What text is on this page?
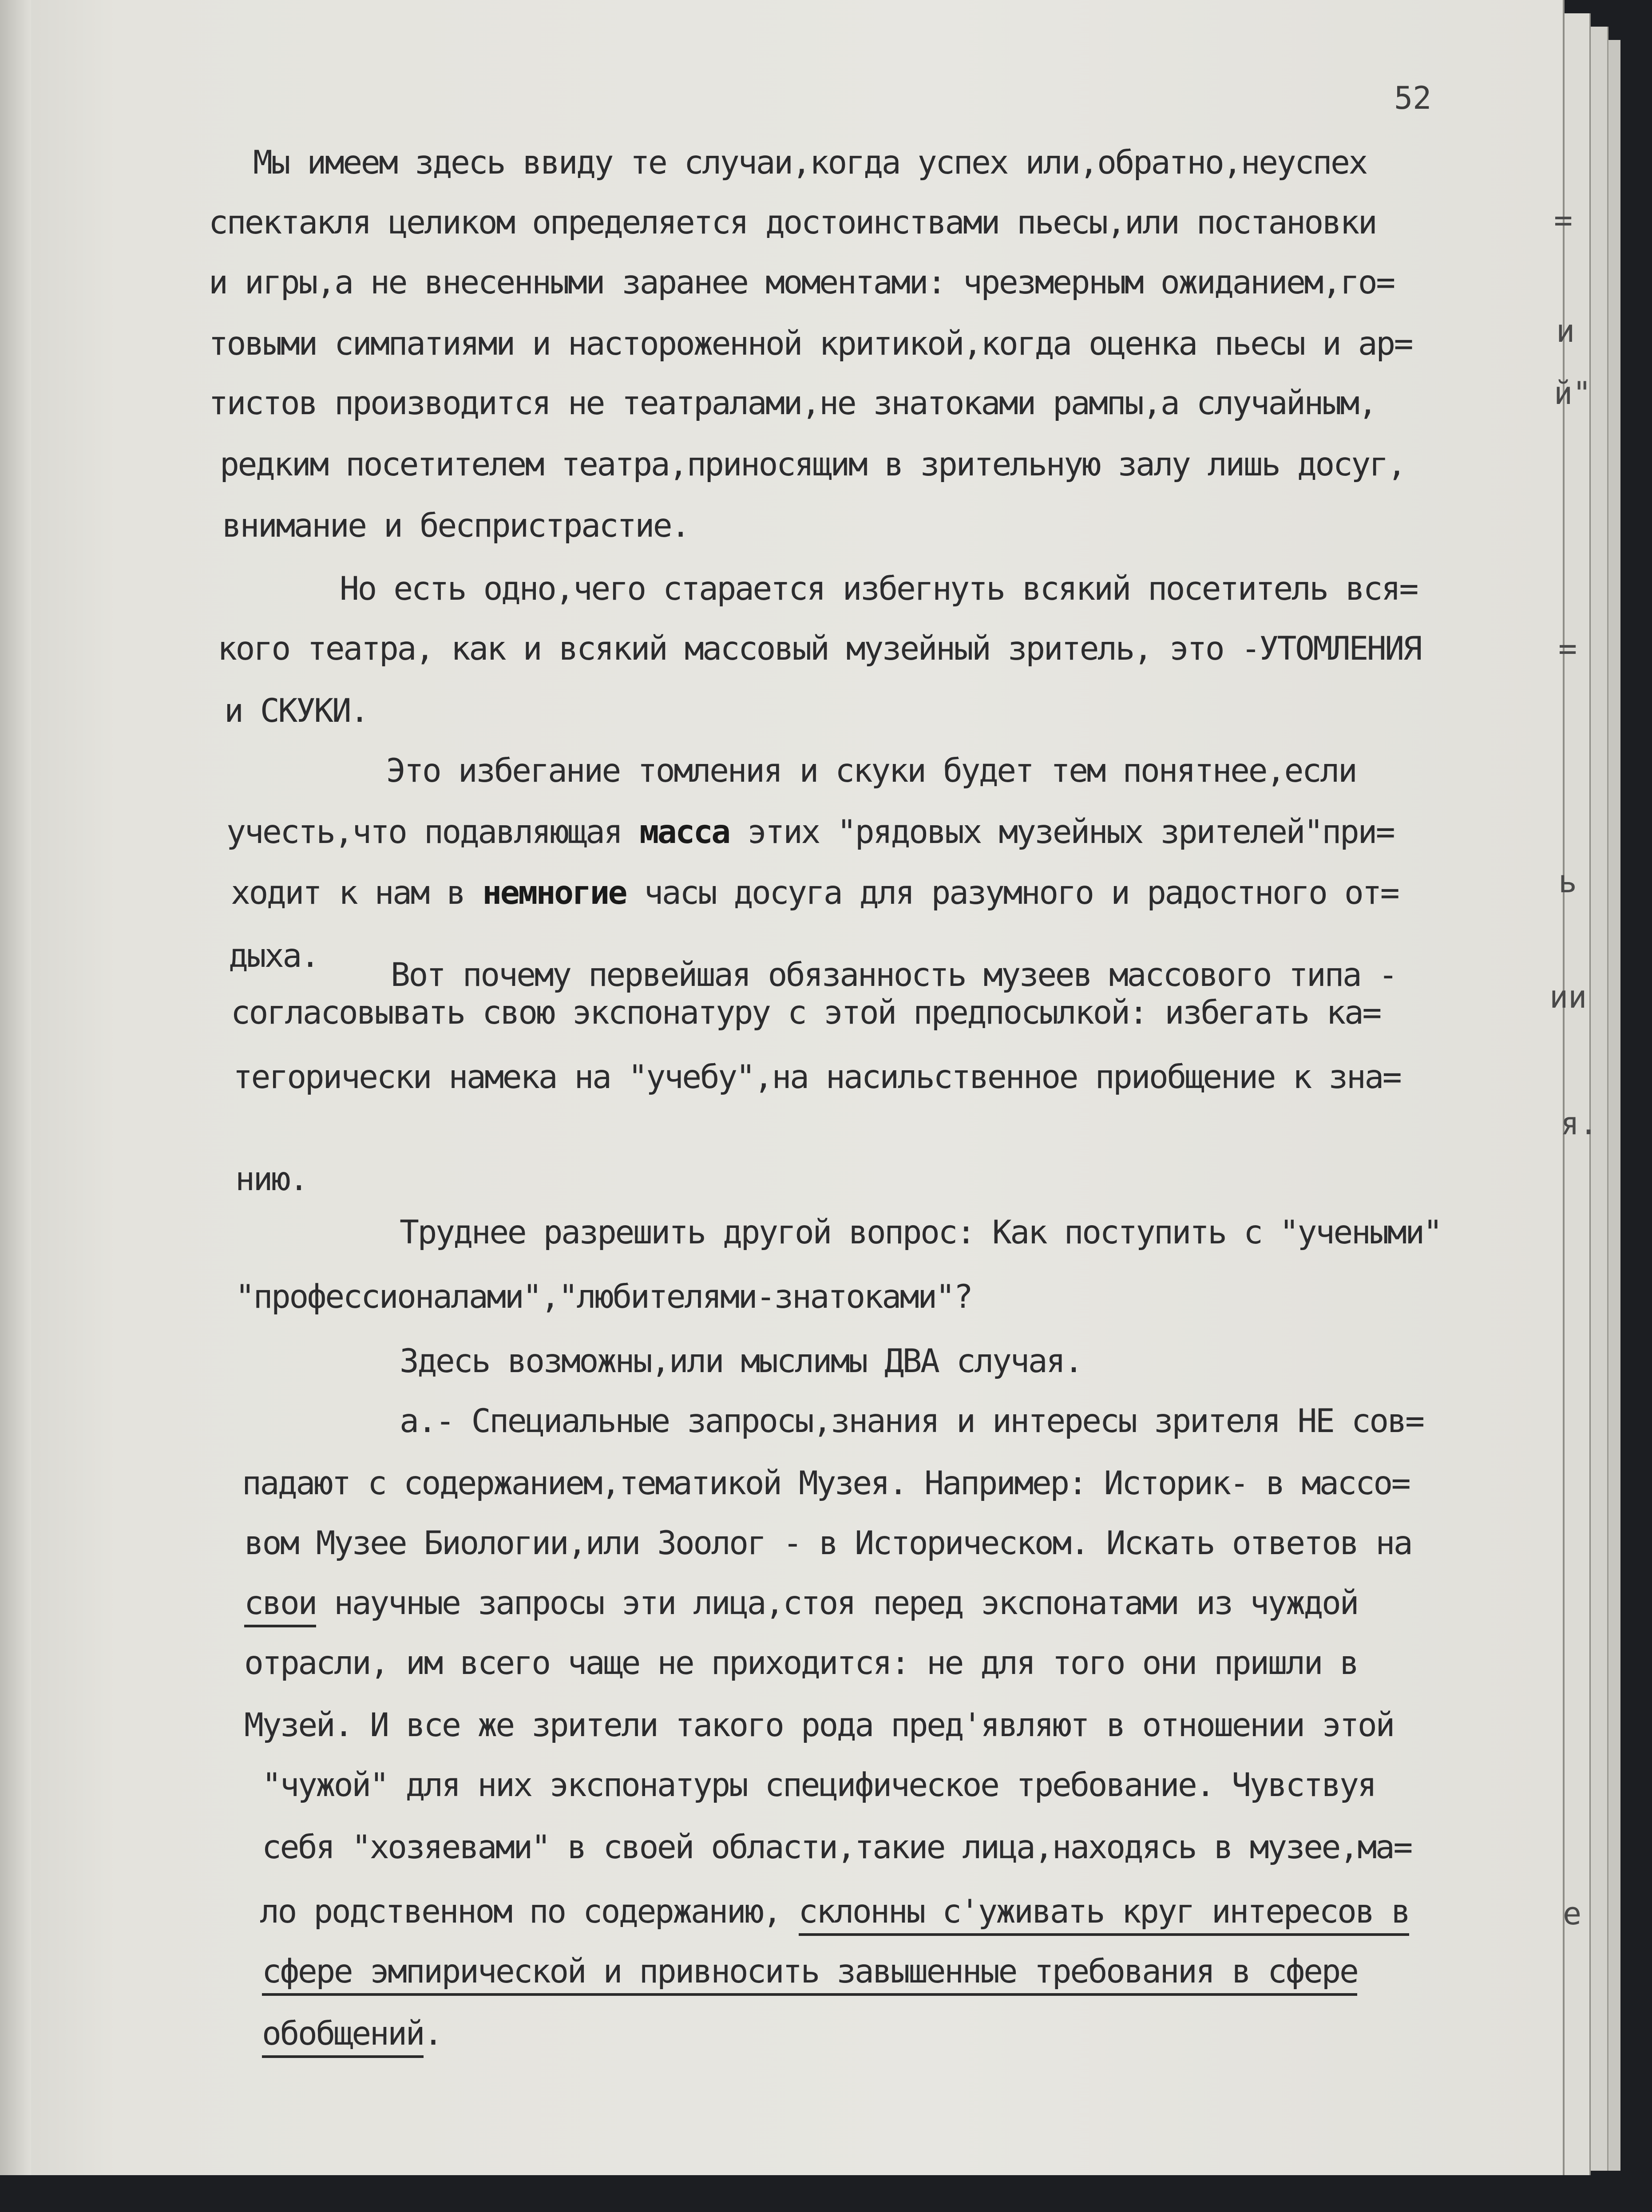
52
Мы имеем здесь ввиду те случаи,когда успех или,обратно,неуспех
спектакля целиком определяется достоинствами пьесы,или постановки
и игры,а не внесенными заранее моментами: чрезмерным ожиданием,го=
товыми симпатиями и настороженной критикой,когда оценка пьесы и ар=
тистов производится не театралами,не знатоками рампы,а случайным,
редким посетителем театра,приносящим в зрительную залу лишь досуг,
внимание и беспристрастие.
Но есть одно,чего старается избегнуть всякий посетитель вся=
кого театра, как и всякий массовый музейный зритель, это -УТОМЛЕНИЯ
и СКУКИ.
Это избегание томления и скуки будет тем понятнее,если
учесть,что подавляющая масса этих "рядовых музейных зрителей"при=
ходит к нам в немногие часы досуга для разумного и радостного от=
дыха.
Вот почему первейшая обязанность музеев массового типа -
согласовывать свою экспонатуру с этой предпосылкой: избегать ка=
тегорически намека на "учебу",на насильственное приобщение к зна=
нию.
Труднее разрешить другой вопрос: Как поступить с "учеными"
"профессионалами","любителями-знатоками"?
Здесь возможны,или мыслимы ДВА случая.
а.- Специальные запросы,знания и интересы зрителя НЕ сов=
падают с содержанием,тематикой Музея. Например: Историк- в массо=
вом Музее Биологии,или Зоолог - в Историческом. Искать ответов на
свои научные запросы эти лица,стоя перед экспонатами из чуждой
отрасли, им всего чаще не приходится: не для того они пришли в
Музей. И все же зрители такого рода пред'являют в отношении этой
"чужой" для них экспонатуры специфическое требование. Чувствуя
себя "хозяевами" в своей области,такие лица,находясь в музее,ма=
ло родственном по содержанию, склонны с'уживать круг интересов в
сфере эмпирической и привносить завышенные требования в сфере
обобщений.
=
и
й"
=
ь
ии
я.
е
